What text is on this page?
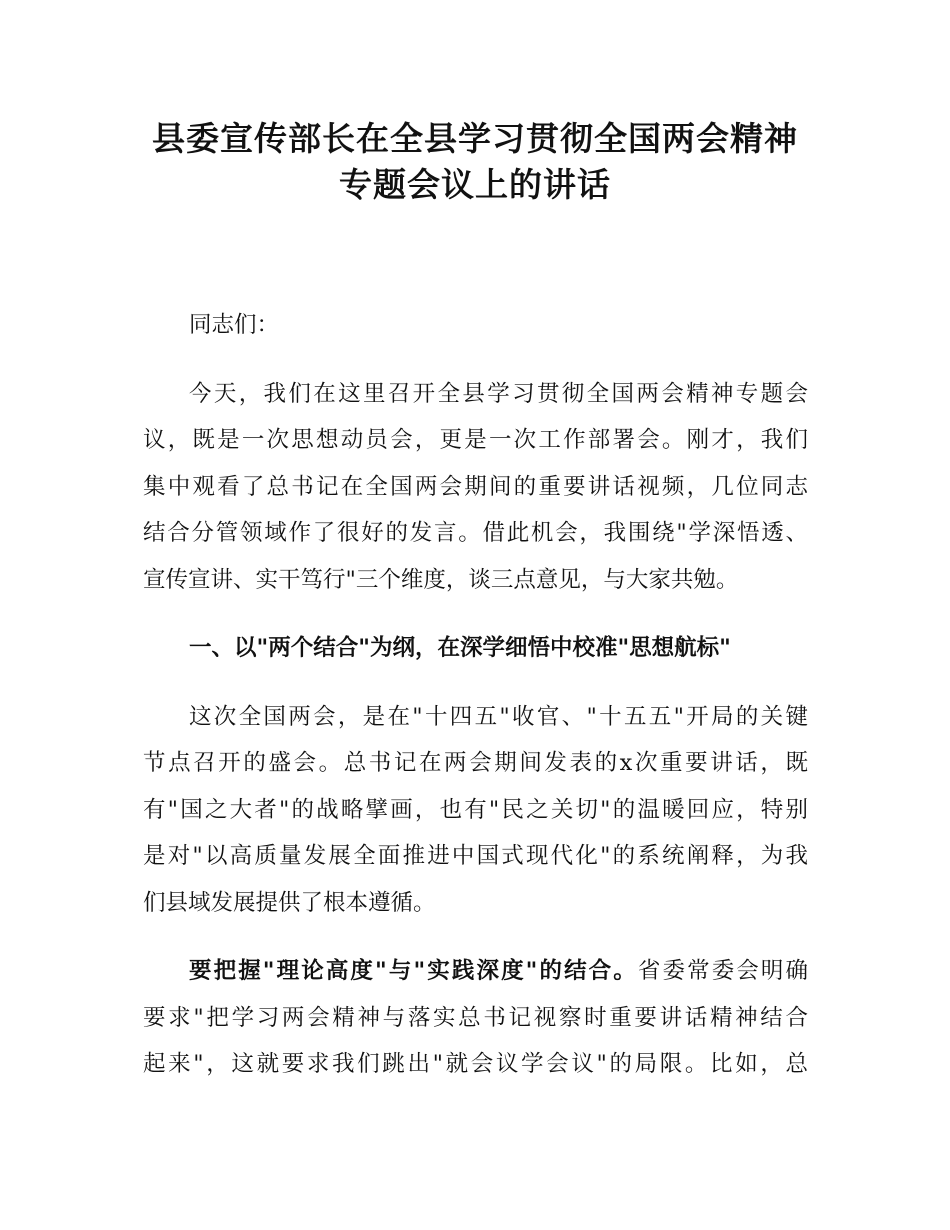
县委宣传部长在全县学习贯彻全国两会精神
专题会议上的讲话
同志们：
今天，我们在这里召开全县学习贯彻全国两会精神专题会
议，既是一次思想动员会，更是一次工作部署会。刚才，我们
集中观看了总书记在全国两会期间的重要讲话视频，几位同志
结合分管领域作了很好的发言。借此机会，我围绕"学深悟透、
宣传宣讲、实干笃行"三个维度，谈三点意见，与大家共勉。
一、以"两个结合"为纲，在深学细悟中校准"思想航标"
这次全国两会，是在"十四五"收官、"十五五"开局的关键
节点召开的盛会。总书记在两会期间发表的x次重要讲话，既
有"国之大者"的战略擘画，也有"民之关切"的温暖回应，特别
是对"以高质量发展全面推进中国式现代化"的系统阐释，为我
们县域发展提供了根本遵循。
要把握"理论高度"与"实践深度"的结合。省委常委会明确
要求"把学习两会精神与落实总书记视察时重要讲话精神结合
起来"，这就要求我们跳出"就会议学会议"的局限。比如，总
